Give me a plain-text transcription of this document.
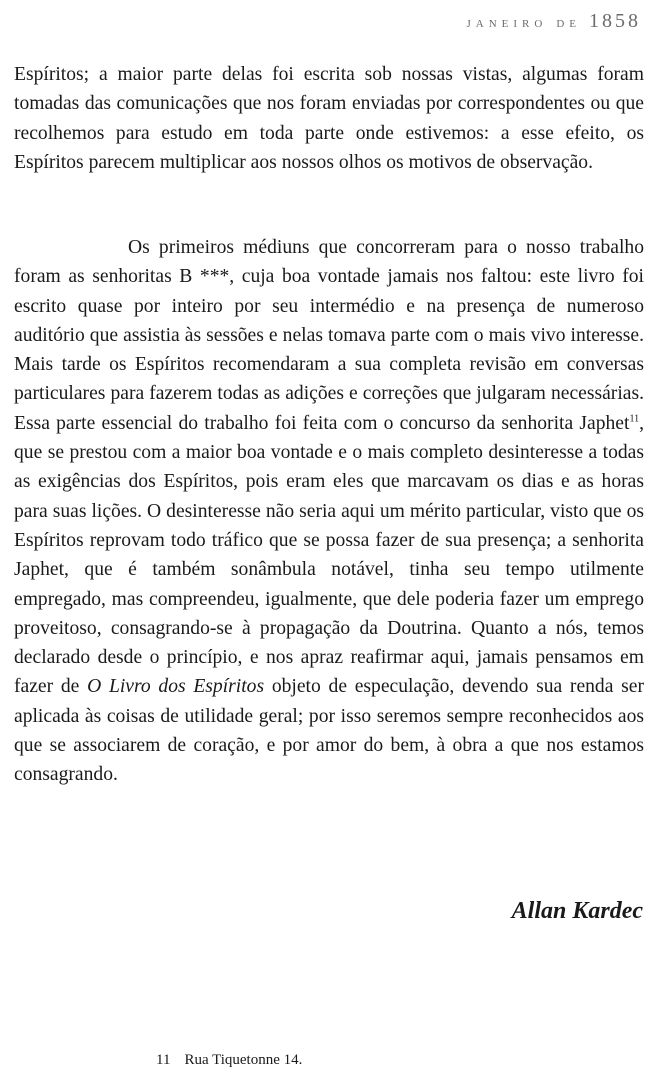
janeiro de 1858

Espíritos; a maior parte delas foi escrita sob nossas vistas, algumas foram tomadas das comunicações que nos foram enviadas por correspondentes ou que recolhemos para estudo em toda parte onde estivemos: a esse efeito, os Espíritos parecem multiplicar aos nossos olhos os motivos de observação.

Os primeiros médiuns que concorreram para o nosso trabalho foram as senhoritas B ***, cuja boa vontade jamais nos faltou: este livro foi escrito quase por inteiro por seu intermédio e na presença de numeroso auditório que assistia às sessões e nelas tomava parte com o mais vivo interesse. Mais tarde os Espíritos recomendaram a sua completa revisão em conversas particulares para fazerem todas as adições e correções que julgaram necessárias. Essa parte essencial do trabalho foi feita com o concurso da senhorita Japhet$^{11}$, que se prestou com a maior boa vontade e o mais completo desinteresse a todas as exigências dos Espíritos, pois eram eles que marcavam os dias e as horas para suas lições. O desinteresse não seria aqui um mérito particular, visto que os Espíritos reprovam todo tráfico que se possa fazer de sua presença; a senhorita Japhet, que é também sonâmbula notável, tinha seu tempo utilmente empregado, mas compreendeu, igualmente, que dele poderia fazer um emprego proveitoso, consagrando-se à propagação da Doutrina. Quanto a nós, temos declarado desde o princípio, e nos apraz reafirmar aqui, jamais pensamos em fazer de O Livro dos Espíritos objeto de especulação, devendo sua renda ser aplicada às coisas de utilidade geral; por isso seremos sempre reconhecidos aos que se associarem de coração, e por amor do bem, à obra a que nos estamos consagrando.

Allan Kardec
11 Rua Tiquetonne 14.
